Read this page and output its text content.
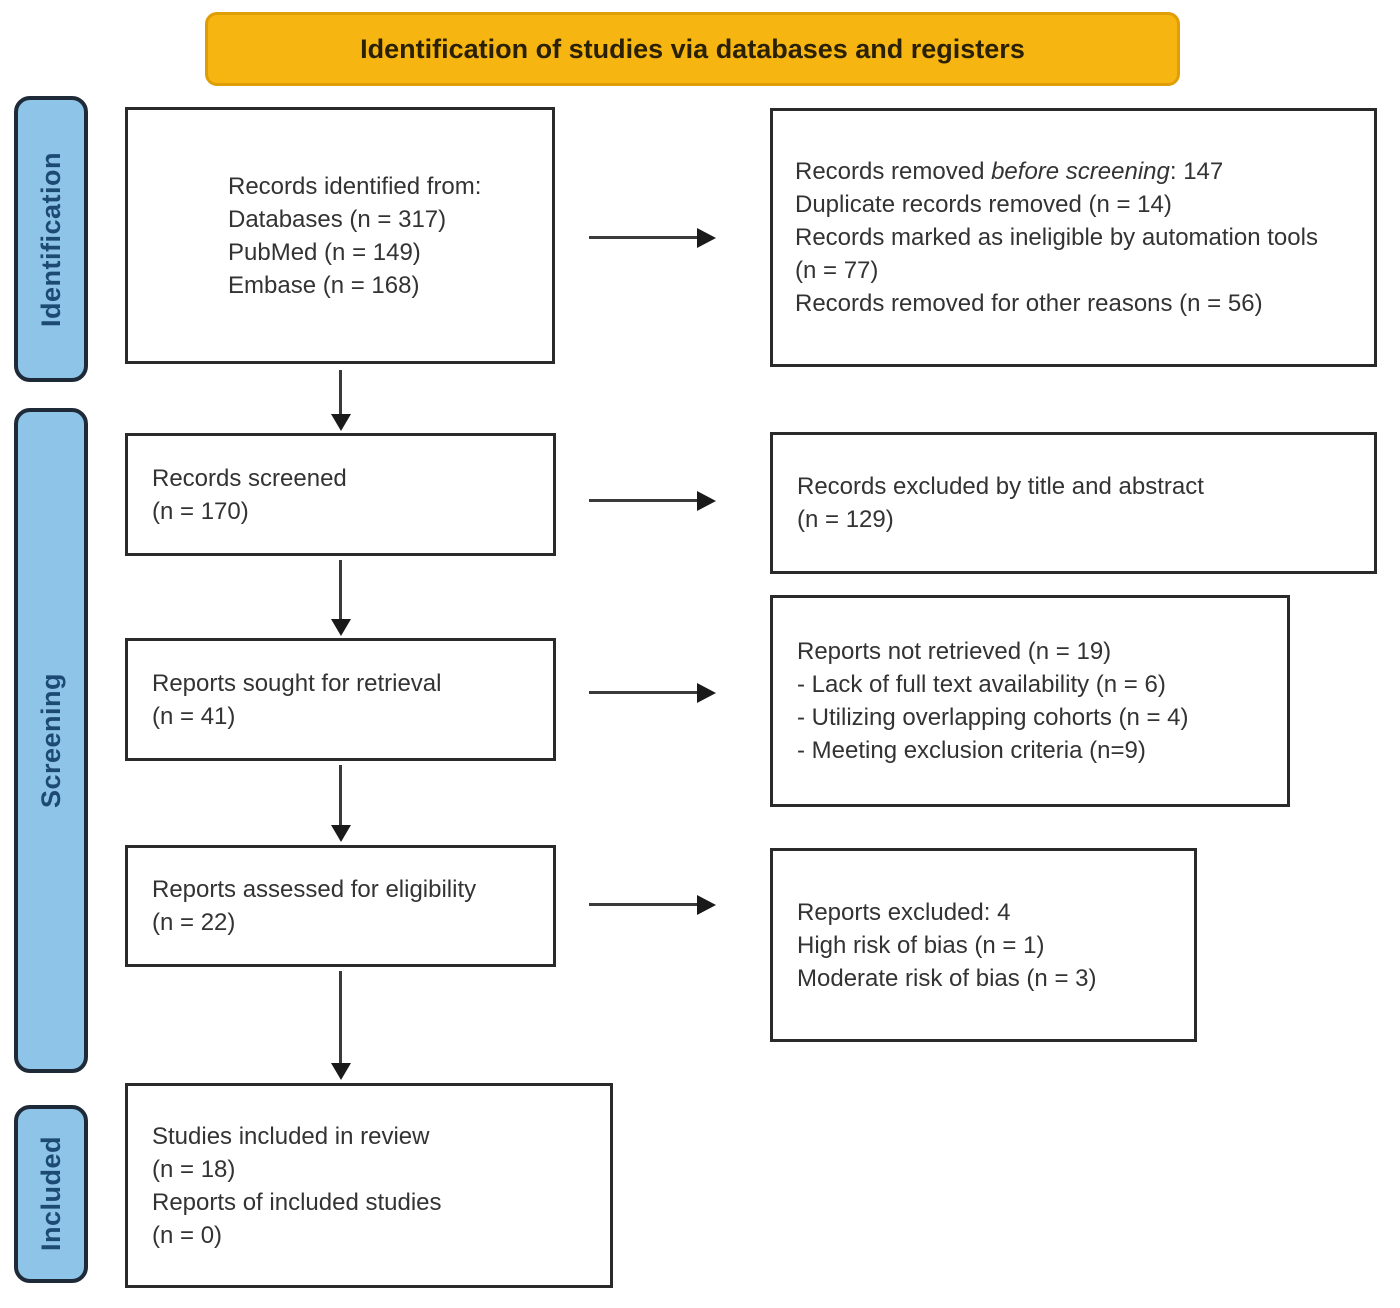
Identification of studies via databases and registers
Identification
Screening
Included
Records identified from:
Databases (n = 317)
PubMed (n = 149)
Embase (n = 168)
Records removed before screening: 147
Duplicate records removed (n = 14)
Records marked as ineligible by automation tools
(n = 77)
Records removed for other reasons (n = 56)
Records screened
(n = 170)
Records excluded by title and abstract
(n = 129)
Reports sought for retrieval
(n = 41)
Reports not retrieved (n = 19)
- Lack of full text availability (n = 6)
- Utilizing overlapping cohorts (n = 4)
- Meeting exclusion criteria (n=9)
Reports assessed for eligibility
(n = 22)	Reports excluded: 4
High risk of bias (n = 1)
Moderate risk of bias (n = 3)
Studies included in review
(n = 18)
Reports of included studies
(n = 0)
